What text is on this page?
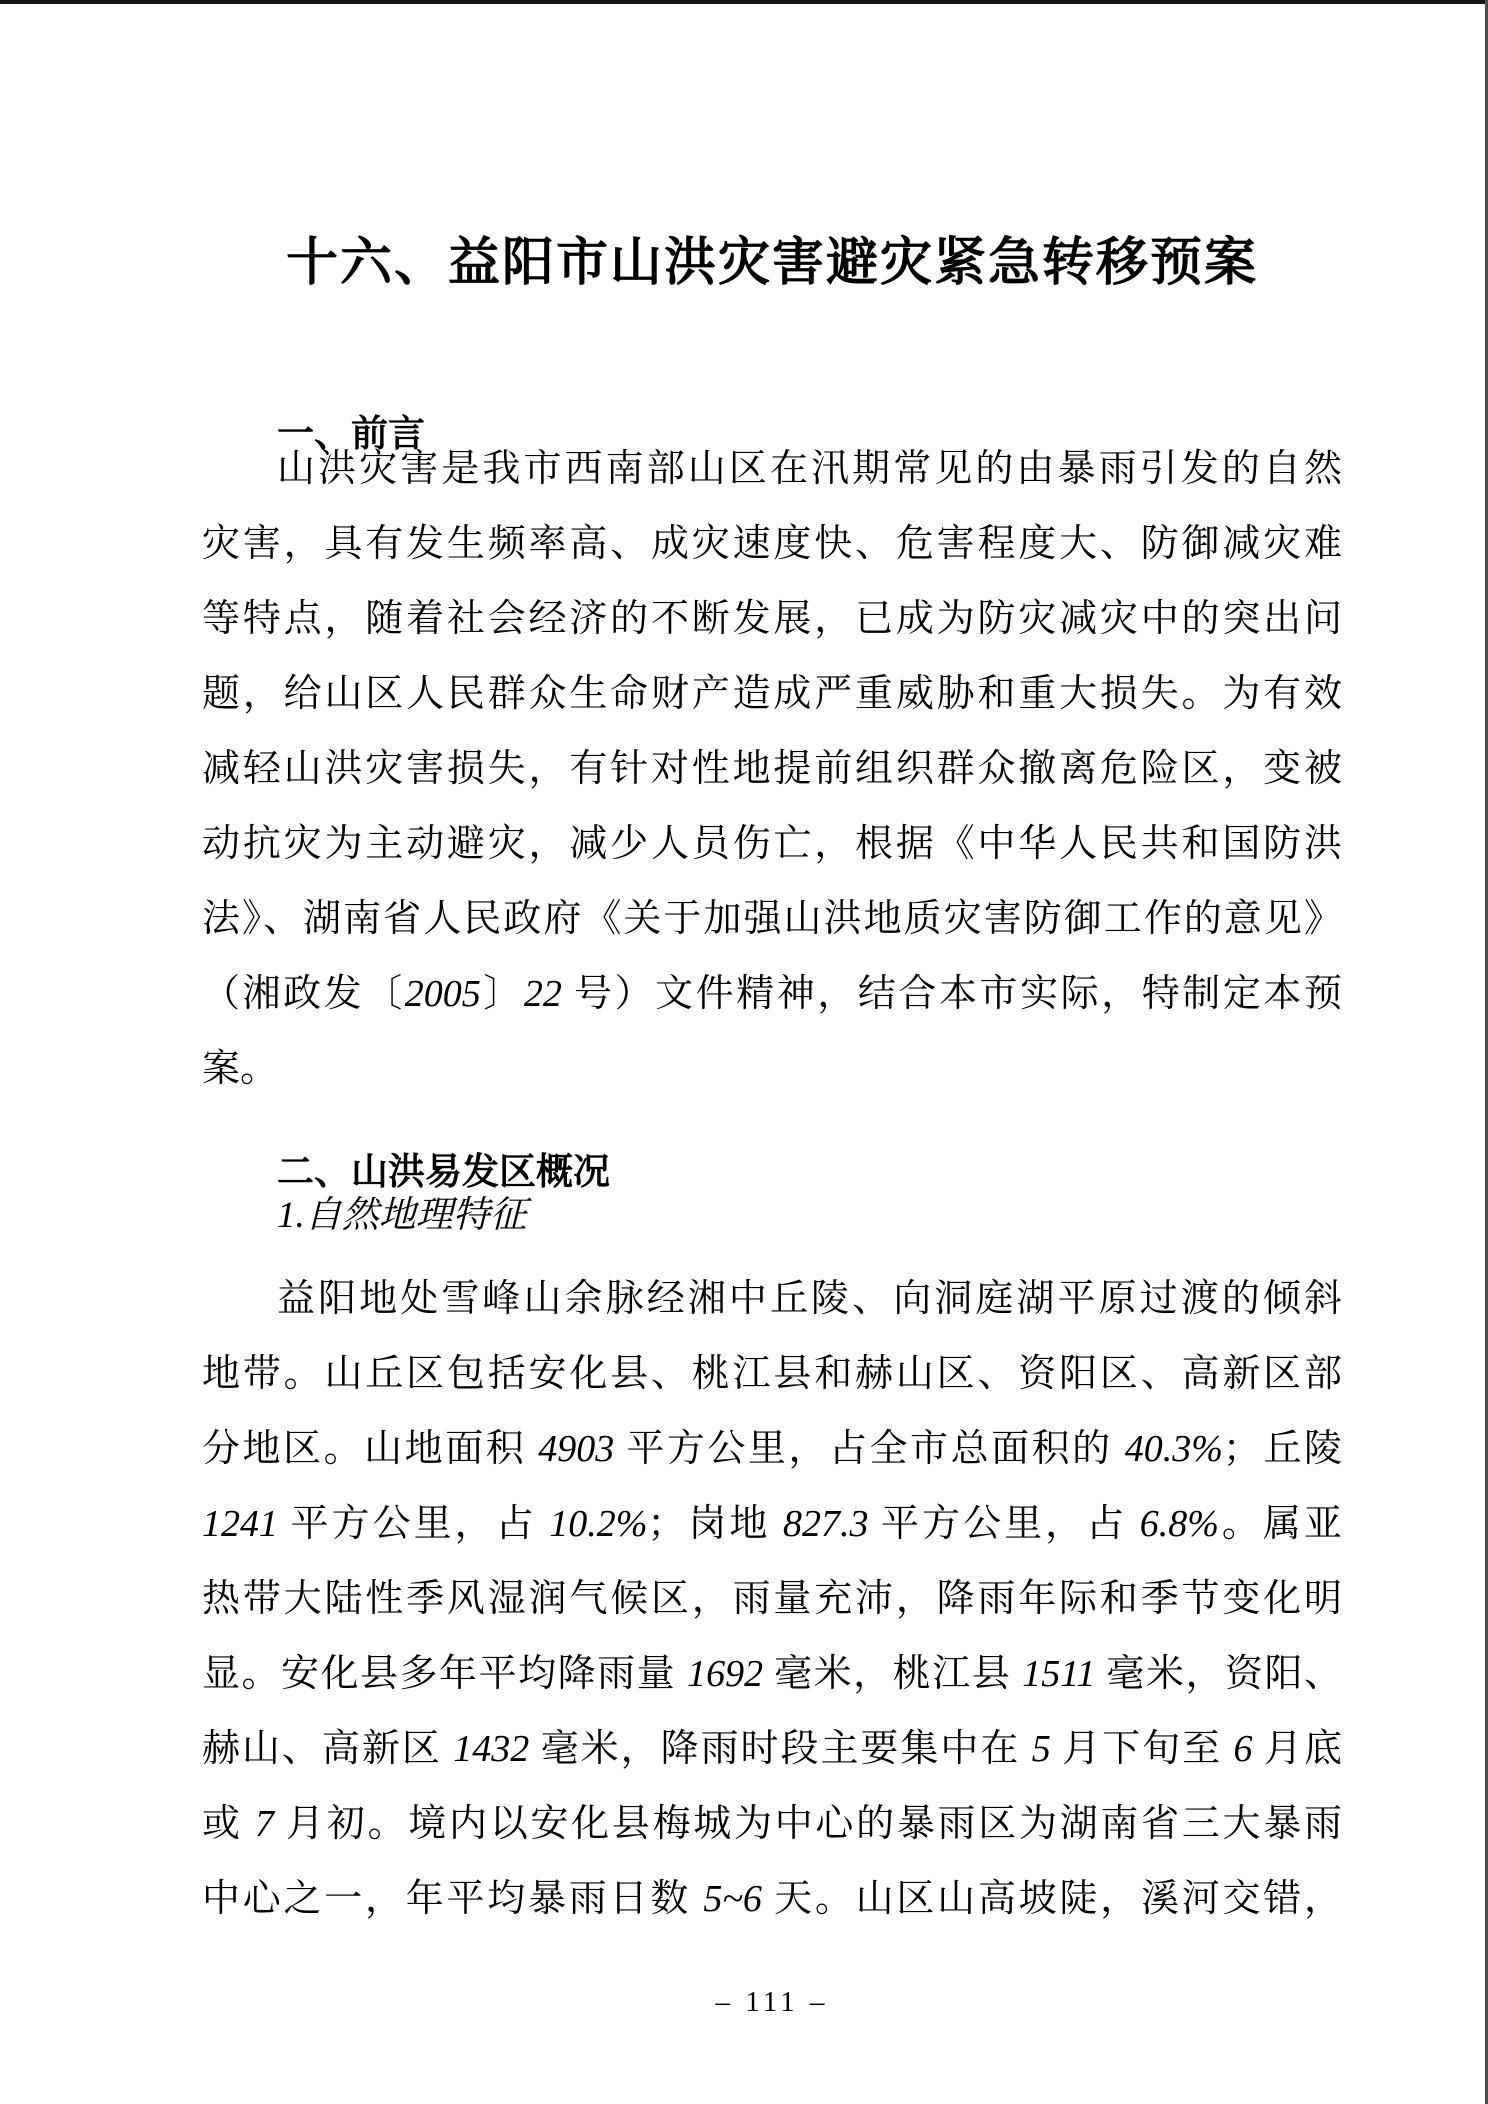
十六、益阳市山洪灾害避灾紧急转移预案
一、前言
山洪灾害是我市西南部山区在汛期常见的由暴雨引发的自然
灾害，具有发生频率高、成灾速度快、危害程度大、防御减灾难
等特点，随着社会经济的不断发展，已成为防灾减灾中的突出问
题，给山区人民群众生命财产造成严重威胁和重大损失。为有效
减轻山洪灾害损失，有针对性地提前组织群众撤离危险区，变被
动抗灾为主动避灾，减少人员伤亡，根据《中华人民共和国防洪
法》、湖南省人民政府《关于加强山洪地质灾害防御工作的意见》
（湘政发〔2005〕22 号）文件精神，结合本市实际，特制定本预
案。
二、山洪易发区概况
1.自然地理特征
益阳地处雪峰山余脉经湘中丘陵、向洞庭湖平原过渡的倾斜
地带。山丘区包括安化县、桃江县和赫山区、资阳区、高新区部
分地区。山地面积 4903 平方公里，占全市总面积的 40.3%；丘陵
1241 平方公里，占 10.2%；岗地 827.3 平方公里，占 6.8%。属亚
热带大陆性季风湿润气候区，雨量充沛，降雨年际和季节变化明
显。安化县多年平均降雨量 1692 毫米，桃江县 1511 毫米，资阳、
赫山、高新区 1432 毫米，降雨时段主要集中在 5 月下旬至 6 月底
或 7 月初。境内以安化县梅城为中心的暴雨区为湖南省三大暴雨
中心之一，年平均暴雨日数 5~6 天。山区山高坡陡，溪河交错，
– 111 –
